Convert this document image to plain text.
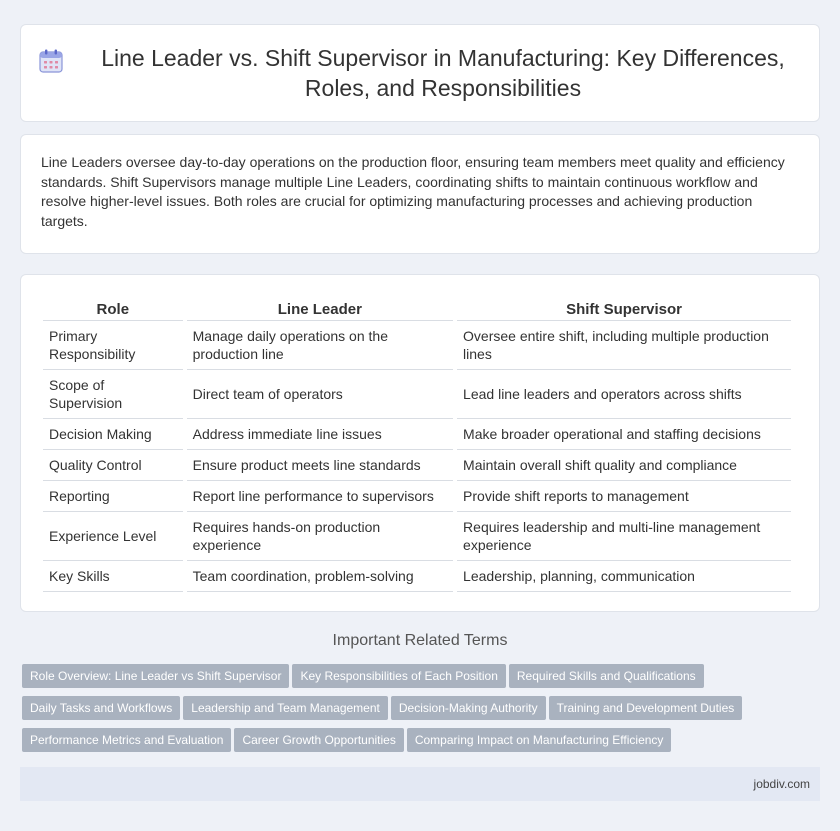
Line Leader vs. Shift Supervisor in Manufacturing: Key Differences, Roles, and Responsibilities

Line Leaders oversee day-to-day operations on the production floor, ensuring team members meet quality and efficiency standards. Shift Supervisors manage multiple Line Leaders, coordinating shifts to maintain continuous workflow and resolve higher-level issues. Both roles are crucial for optimizing manufacturing processes and achieving production targets.

Role	Line Leader	Shift Supervisor
Primary Responsibility	Manage daily operations on the production line	Oversee entire shift, including multiple production lines
Scope of Supervision	Direct team of operators	Lead line leaders and operators across shifts
Decision Making	Address immediate line issues	Make broader operational and staffing decisions
Quality Control	Ensure product meets line standards	Maintain overall shift quality and compliance
Reporting	Report line performance to supervisors	Provide shift reports to management
Experience Level	Requires hands-on production experience	Requires leadership and multi-line management experience
Key Skills	Team coordination, problem-solving	Leadership, planning, communication
Important Related Terms
Role Overview: Line Leader vs Shift Supervisor Key Responsibilities of Each Position Required Skills and Qualifications
Daily Tasks and Workflows Leadership and Team Management Decision-Making Authority Training and Development Duties
Performance Metrics and Evaluation Career Growth Opportunities Comparing Impact on Manufacturing Efficiency
jobdiv.com
